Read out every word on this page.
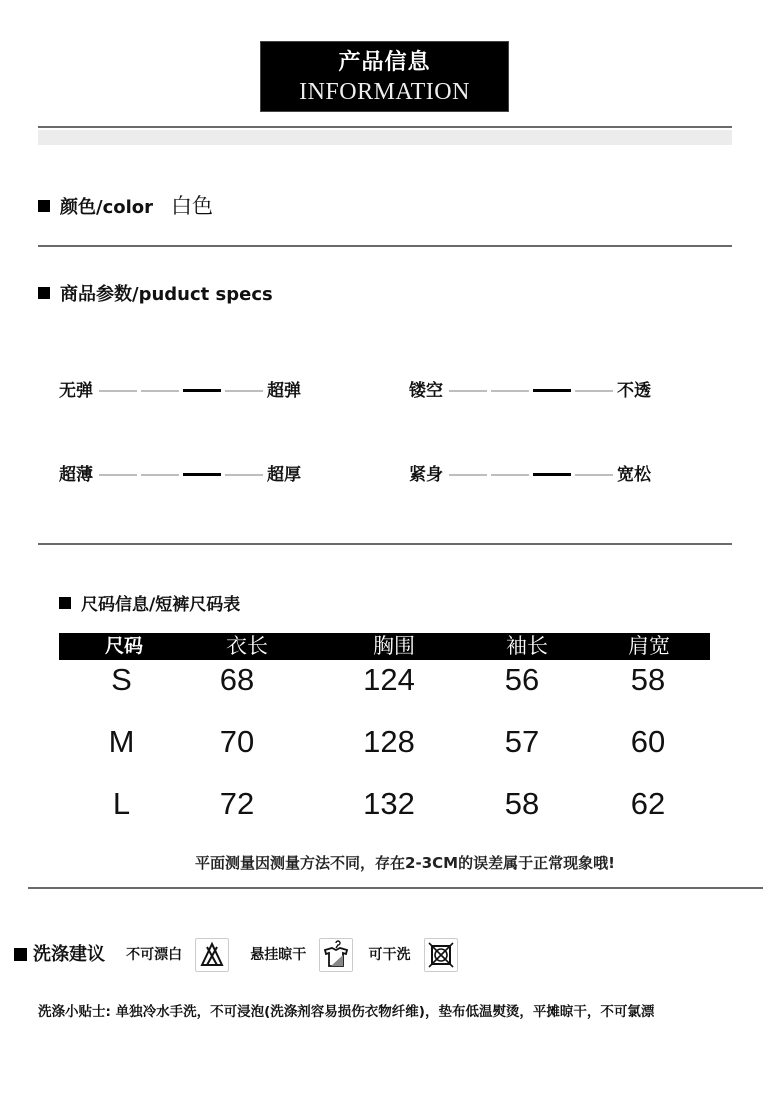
产品信息
INFORMATION
颜色/color 白色
商品参数/puduct specs
无弹	超弹	镂空	不透
超薄	超厚	紧身	宽松
尺码信息/短裤尺码表
尺码	衣长	胸围	袖长	肩宽
S	68	124	56	58
M	70	128	57	60
L	72	132	58	62
平面测量因测量方法不同，存在2-3CM的误差属于正常现象哦!
洗涤建议 不可漂白	悬挂晾干	可干洗
洗涤小贴士: 单独冷水手洗，不可浸泡(洗涤剂容易损伤衣物纤维)，垫布低温熨烫，平摊晾干，不可氯漂
